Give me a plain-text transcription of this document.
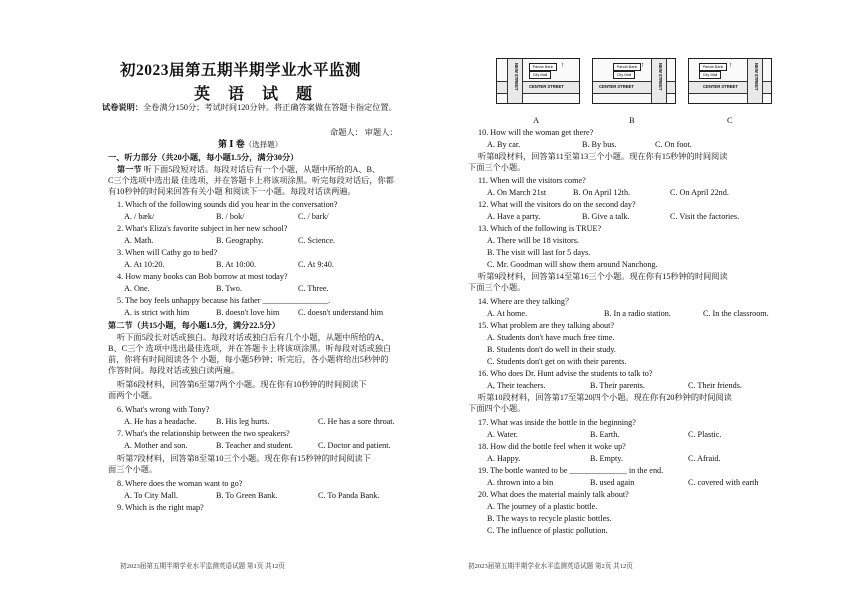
初2023届第五期半期学业水平监测
英 语 试 题
试卷说明：全卷满分150分；考试时间120分钟。将正确答案做在答题卡指定位置。
命题人： 审题人：
第 Ⅰ 卷（选择题）
一、听力部分（共20小题，每小题1.5分，满分30分）
第一节 听下面5段短对话。每段对话后有一个小题，从题中所给的A、B、
C三个选项中选出最 佳选项，并在答题卡上将该项涂黑。听完每段对话后，你都
有10秒钟的时间来回答有关小题 和阅读下一小题。每段对话读两遍。
1. Which of the following sounds did you hear in the conversation?
A. / bæk/	B. / bok/	C. / bark/
2. What's Eliza's favorite subject in her new school?
A. Math.	B. Geography.	C. Science.
3. When will Cathy go to bed?
A. At 10:20.	B. At 10:00.	C. At 9:40.
4. How many books can Bob borrow at most today?
A. One.	B. Two.	C. Three.
5. The boy feels unhappy because his father ________________.
A. is strict with him	B. doesn't love him C. doesn't understand him
第二节（共15小题，每小题1.5分，满分22.5分）
听下面5段长对话或独白。每段对话或独白后有几个小题，从题中所给的A、
B、C三个 选项中选出最佳选项，并在答题卡上将该项涂黑。听每段对话或独白
前，你将有时间阅读各个 小题，每小题5秒钟；听完后，各小题将给出5秒钟的
作答时间。每段对话或独白读两遍。
听第6段材料，回答第6至第7两个小题。现在你有10秒钟的时间阅读下
面两个小题。
6. What's wrong with Tony?
A. He has a headache. B. His leg hurts.	C. He has a sore throat.
7. What's the relationship between the two speakers?
A. Mother and son.	B. Teacher and student.	C. Doctor and patient.
听第7段材料，回答第8至第10三个小题。现在你有15秒钟的时间阅读下
面三个小题。
8. Where does the woman want to go?
A. To City Mall.	B. To Green Bank.	C. To Panda Bank.
9. Which is the right map?
初2023届第五期半期学业水平监测英语试题 第1页 共12页
CENTER STREET
NEW STREET	Panda Bank
City Mall
↑
CENTER STREET	NEW STREET
Panda Bank
City Mall
↑
CENTER STREET	NEW STREET
Panda Bank
City Mall
↑
A	B	C
10. How will the woman get there?
A. By car.	B. By bus.	C. On foot.
听第8段材料，回答第11至第13三个小题。现在你有15秒钟的时间阅读
下面三个小题。
11. When will the visitors come?
A. On March 21st	B. On April 12th.	C. On April 22nd.
12. What will the visitors do on the second day?
A. Have a party.	B. Give a talk.	C. Visit the factories.
13. Which of the following is TRUE?
A. There will be 18 visitors.
B. The visit will last for 5 days.
C. Mr. Goodman will show them around Nanchong.
听第9段材料，回答第14至第16三个小题。现在你有15秒钟的时间阅读
下面三个小题。
14. Where are they talking？
A. At home.	B. In a radio station.	C. In the classroom.
15. What problem are they talking about?
A. Students don't have much free time.
B. Students don't do well in their study.
C. Students don't get on with their parents.
16. Who does Dr. Hunt advise the students to talk to?
A, Their teachers.	B. Their parents.	C. Their friends.
听第10段材料，回答第17至第20四个小题。现在你有20秒钟的时间阅读
下面四个小题。
17. What was inside the bottle in the beginning?
A. Water.	B. Earth.	C. Plastic.
18. How did the bottle feel when it woke up?
A. Happy.	B. Empty.	C. Afraid.
19. The bottle wanted to be ______________ in the end.
A. thrown into a bin	B. used again	C. covered with earth
20. What does the material mainly talk about?
A. The journey of a plastic bottle.
B. The ways to recycle plastic bottles.
C. The influence of plastic pollution.
初2023届第五期半期学业水平监测英语试题 第2页 共12页
